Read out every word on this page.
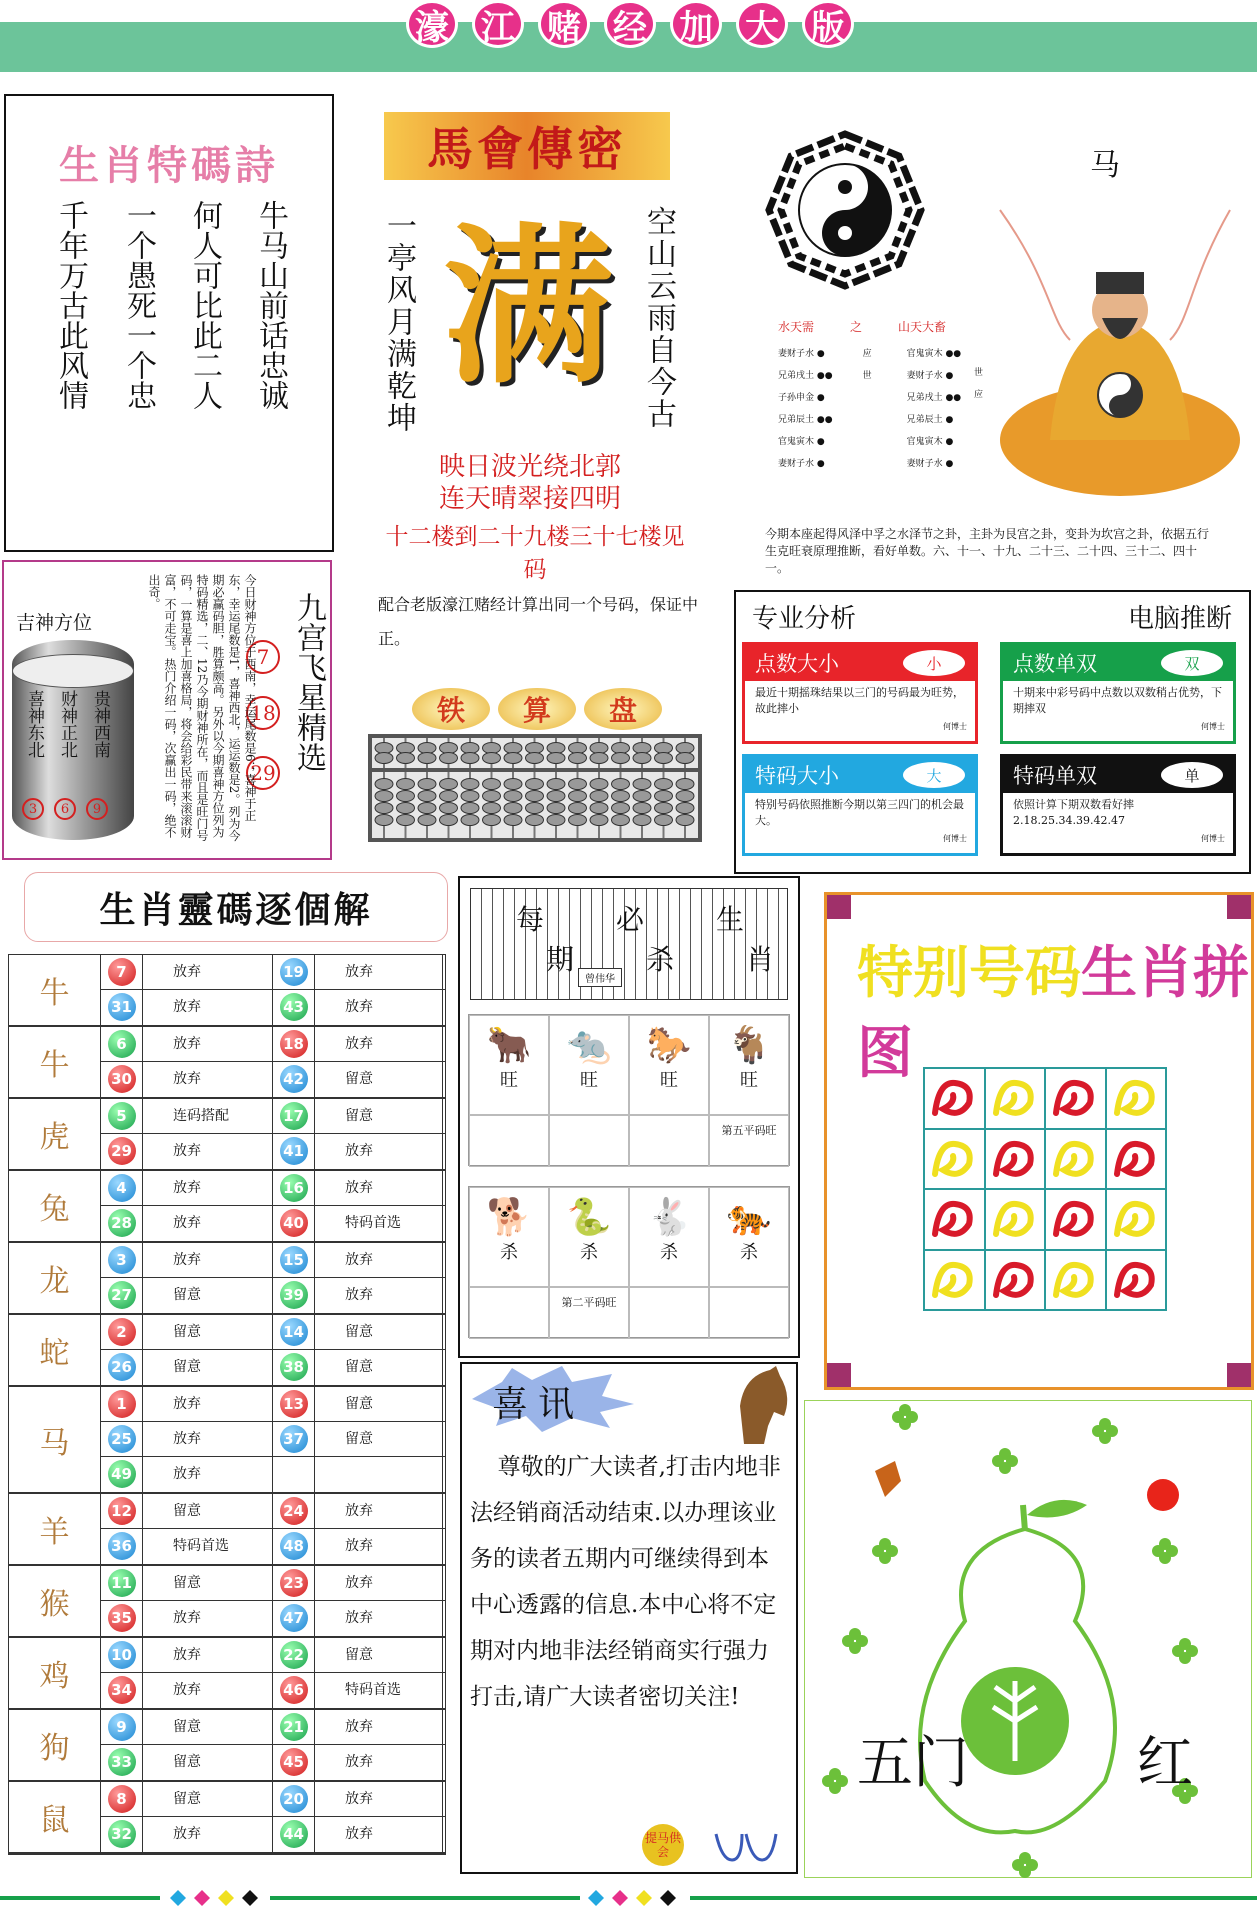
濠 江 赌 经 加 大 版
生肖特碼詩
千年万古此风情 一个愚死一个忠 何人可比此二人 牛马山前话忠诚
馬會傳密
一亭风月满乾坤 满 空山云雨自今古
映日波光绕北郭
连天晴翠接四明
十二楼到二十九楼三十七楼见码
马
水天需	之	山天大畜
妻财子水 ●
兄弟戌土 ●●
子孙申金 ●
兄弟辰土 ●●
官鬼寅木 ●
妻财子水 ●
应
世
官鬼寅木 ●●
妻财子水 ●
兄弟戌土 ●●
兄弟辰土 ●
官鬼寅木 ●
妻财子水 ●
世
应
今期本座起得风泽中孚之水泽节之卦，主卦为艮宫之卦，变卦为坎宫之卦，依据五行生克旺衰原理推断，看好单数。六、十一、十九、二十三、二十四、三十二、四十一。
九宫飞星精选
7
18
29
今日财神方位于西南，幸运尾数是6；喜神于正东，幸运尾数是1，喜神西北，运运数是2。列为今期必赢码胆，胜算颇高。另外以今期喜神方位列为特码精选，二、12乃今期财神所在，而且是旺门号码，一算是喜上加喜格局，将会给彩民带来滚滚财富，不可走宝。热门介绍一码，次赢出一码，绝不出奇。
吉神方位
喜神东北 财神正北 贵神西南
3	6	9
配合老版濠江赌经计算出同一个号码，保证中正。
铁	算	盘
专业分析	电脑推断
点数大小	小
最近十期摇珠结果以三门的号码最为旺势，故此摔小
何博士
点数单双	双
十期来中彩号码中点数以双数稍占优势，下期摔双
何博士
特码大小	大
特别号码依照推断今期以第三四门的机会最大。
何博士
特码单双	单
依照计算下期双数看好摔2.18.25.34.39.42.47
何博士
生肖靈碼逐個解
牛
7	放弃	19	放弃
31	放弃	43	放弃
牛
6	放弃	18	放弃
30	放弃	42	留意
虎
5	连码搭配	17	留意
29	放弃	41	放弃
兔
4	放弃	16	放弃
28	放弃	40	特码首选
龙
3	放弃	15	放弃
27	留意	39	放弃
蛇
2	留意	14	留意
26	留意	38	留意
马
1	放弃	13	留意
25	放弃	37	留意
49	放弃
羊
12	留意	24	放弃
36	特码首选	48	放弃
猴
11	留意	23	放弃
35	放弃	47	放弃
鸡
10	放弃	22	留意
34	放弃	46	特码首选
狗
9	留意	21	放弃
33	留意	45	放弃
鼠
8	留意	20	放弃
32	放弃	44	放弃
每	必	生
期	杀	肖
曾伟华
🐂
旺
🐀
旺
🐎
旺
🐐
旺
第五平码旺
🐕
杀
🐍
杀
🐇
杀
🐅
杀
第二平码旺
特别号码生肖拼图
喜讯
尊敬的广大读者,打击内地非法经销商活动结束.以办理该业务的读者五期内可继续得到本中心透露的信息.本中心将不定期对内地非法经销商实行强力打击,请广大读者密切关注!
提马供会
五门	红
